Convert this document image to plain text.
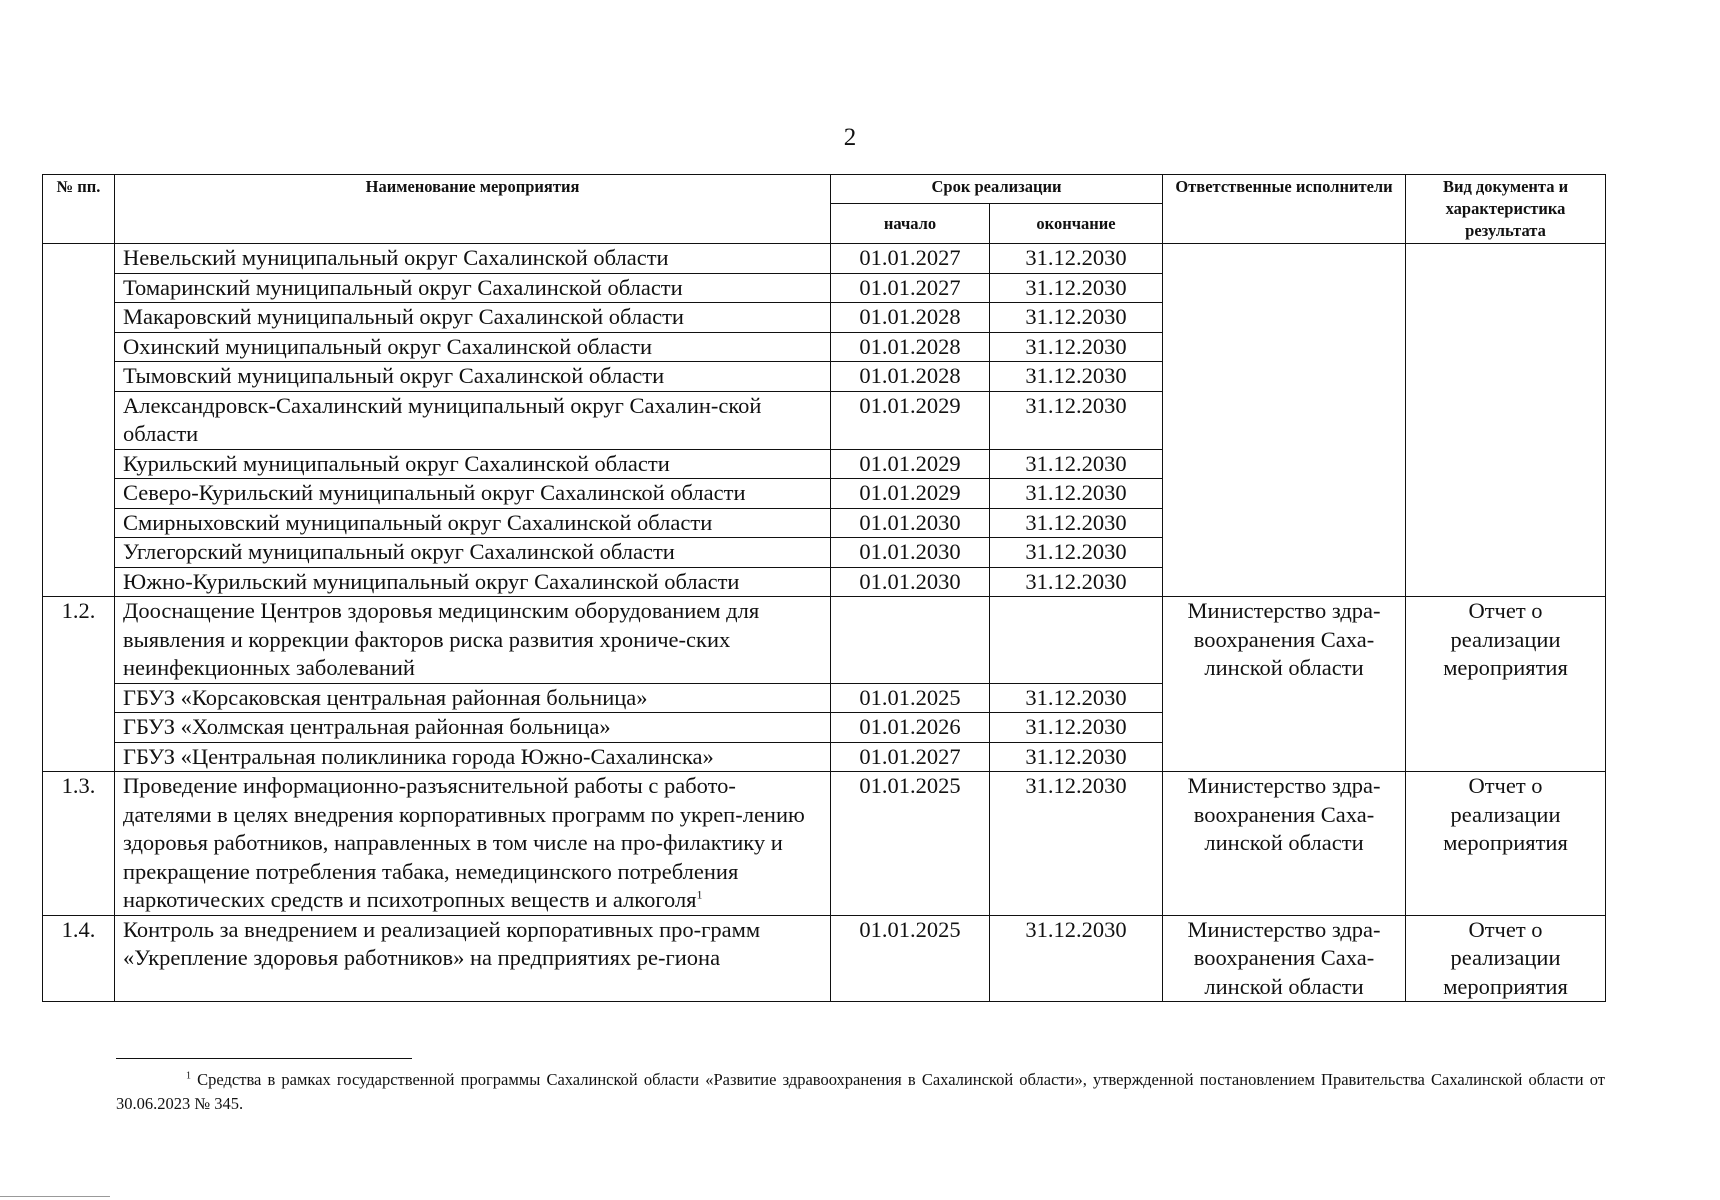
2
№ пп.	Наименование мероприятия	Срок реализации		Ответственные исполнители	Вид документа и характеристика результата
		начало	окончание		
	Невельский муниципальный округ Сахалинской области	01.01.2027	31.12.2030		
	Томаринский муниципальный округ Сахалинской области	01.01.2027	31.12.2030		
	Макаровский муниципальный округ Сахалинской области	01.01.2028	31.12.2030		
	Охинский муниципальный округ Сахалинской области	01.01.2028	31.12.2030		
	Тымовский муниципальный округ Сахалинской области	01.01.2028	31.12.2030		
	Александровск-Сахалинский муниципальный округ Сахалин-ской области	01.01.2029	31.12.2030		
	Курильский муниципальный округ Сахалинской области	01.01.2029	31.12.2030		
	Северо-Курильский муниципальный округ Сахалинской области	01.01.2029	31.12.2030		
	Смирныховский муниципальный округ Сахалинской области	01.01.2030	31.12.2030		
	Углегорский муниципальный округ Сахалинской области	01.01.2030	31.12.2030		
	Южно-Курильский муниципальный округ Сахалинской области	01.01.2030	31.12.2030		
1.2.	Дооснащение Центров здоровья медицинским оборудованием для выявления и коррекции факторов риска развития хрониче-ских неинфекционных заболеваний			Министерство здра-воохранения Саха-линской области	Отчет о реализации мероприятия
	ГБУЗ «Корсаковская центральная районная больница»	01.01.2025	31.12.2030		
	ГБУЗ «Холмская центральная районная больница»	01.01.2026	31.12.2030		
	ГБУЗ «Центральная поликлиника города Южно-Сахалинска»	01.01.2027	31.12.2030		
1.3.	Проведение информационно-разъяснительной работы с работо-дателями в целях внедрения корпоративных программ по укреп-лению здоровья работников, направленных в том числе на про-филактику и прекращение потребления табака, немедицинского потребления наркотических средств и психотропных веществ и алкоголя$^1$	01.01.2025	31.12.2030	Министерство здра-воохранения Саха-линской области	Отчет о реализации мероприятия
1.4.	Контроль за внедрением и реализацией корпоративных про-грамм «Укрепление здоровья работников» на предприятиях ре-гиона	01.01.2025	31.12.2030	Министерство здра-воохранения Саха-линской области	Отчет о реализации мероприятия
$^1$ Средства в рамках государственной программы Сахалинской области «Развитие здравоохранения в Сахалинской области», утвержденной постановлением Правительства Сахалинской области от 30.06.2023 № 345.
